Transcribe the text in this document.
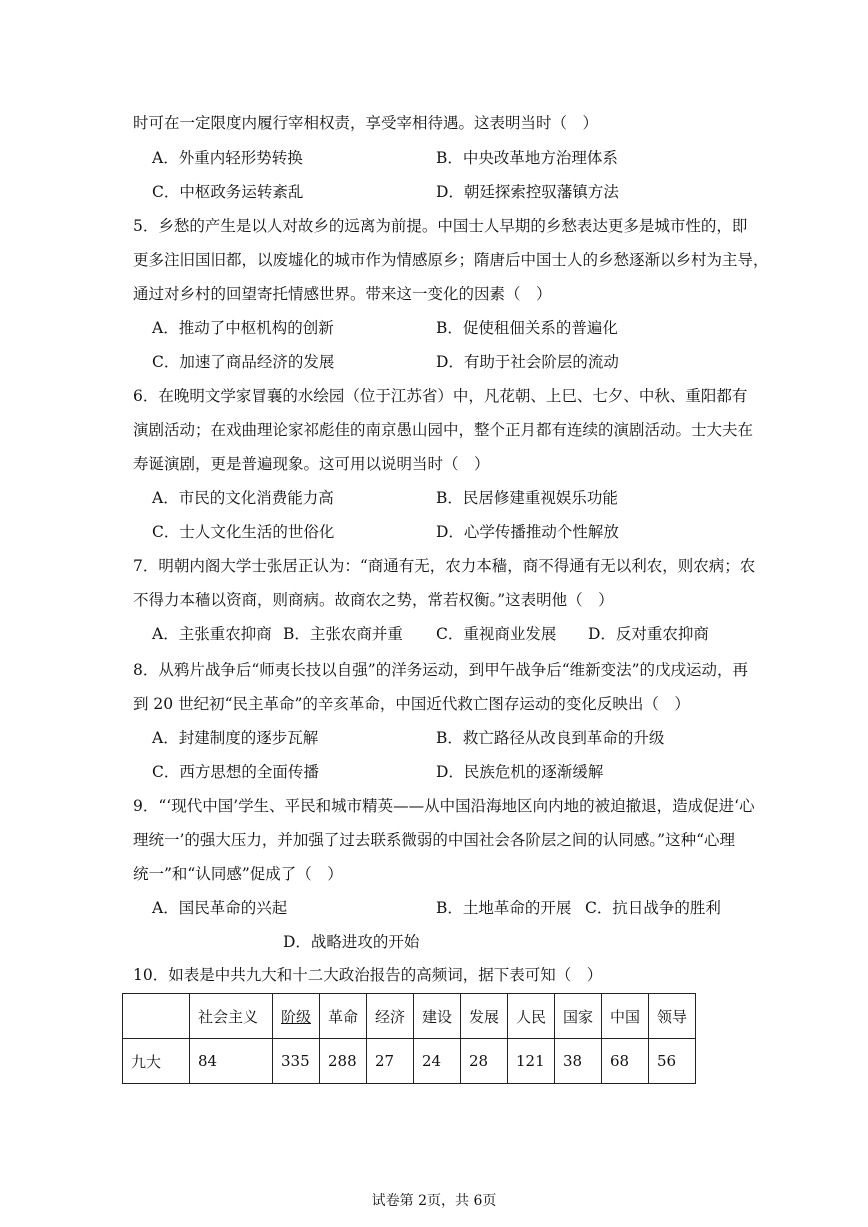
时可在一定限度内履行宰相权责，享受宰相待遇。这表明当时（　）
A．外重内轻形势转换	B．中央改革地方治理体系
C．中枢政务运转紊乱	D．朝廷探索控驭藩镇方法
5．乡愁的产生是以人对故乡的远离为前提。中国士人早期的乡愁表达更多是城市性的，即
更多注旧国旧都，以废墟化的城市作为情感原乡；隋唐后中国士人的乡愁逐渐以乡村为主导，
通过对乡村的回望寄托情感世界。带来这一变化的因素（　）
A．推动了中枢机构的创新	B．促使租佃关系的普遍化
C．加速了商品经济的发展	D．有助于社会阶层的流动
6．在晚明文学家冒襄的水绘园（位于江苏省）中，凡花朝、上巳、七夕、中秋、重阳都有
演剧活动；在戏曲理论家祁彪佳的南京愚山园中，整个正月都有连续的演剧活动。士大夫在
寿诞演剧，更是普遍现象。这可用以说明当时（　）
A．市民的文化消费能力高	B．民居修建重视娱乐功能
C．士人文化生活的世俗化	D．心学传播推动个性解放
7．明朝内阁大学士张居正认为：“商通有无，农力本穑，商不得通有无以利农，则农病；农
不得力本穑以资商，则商病。故商农之势，常若权衡。”这表明他（　）
A．主张重农抑商 B．主张农商并重 C．重视商业发展 D．反对重农抑商
8．从鸦片战争后“师夷长技以自强”的洋务运动，到甲午战争后“维新变法”的戊戌运动，再
到 20 世纪初“民主革命”的辛亥革命，中国近代救亡图存运动的变化反映出（　）
A．封建制度的逐步瓦解	B．救亡路径从改良到革命的升级
C．西方思想的全面传播	D．民族危机的逐渐缓解
9．“‘现代中国’学生、平民和城市精英——从中国沿海地区向内地的被迫撤退，造成促进‘心
理统一’的强大压力，并加强了过去联系微弱的中国社会各阶层之间的认同感。”这种“心理
统一”和“认同感”促成了（　）
A．国民革命的兴起	B．土地革命的开展 C．抗日战争的胜利
D．战略进攻的开始
10．如表是中共九大和十二大政治报告的高频词，据下表可知（　）
	社会主义	阶级	革命	经济	建设	发展	人民	国家	中国	领导
九大	84	335	288	27	24	28	121	38	68	56
试卷第 2页，共 6页
